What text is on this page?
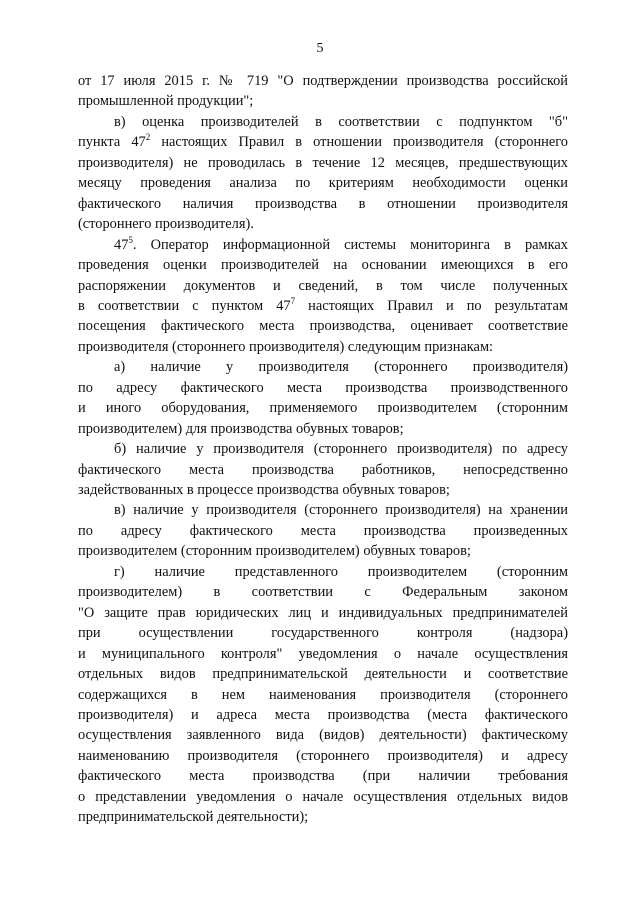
5
от 17 июля 2015 г. № 719 "О подтверждении производства российской
промышленной продукции";
в) оценка производителей в соответствии с подпунктом "б"
пункта $47^2$ настоящих Правил в отношении производителя (стороннего
производителя) не проводилась в течение 12 месяцев, предшествующих
месяцу проведения анализа по критериям необходимости оценки
фактического наличия производства в отношении производителя
(стороннего производителя).
$47^5$. Оператор информационной системы мониторинга в рамках
проведения оценки производителей на основании имеющихся в его
распоряжении документов и сведений, в том числе полученных
в соответствии с пунктом $47^7$ настоящих Правил и по результатам
посещения фактического места производства, оценивает соответствие
производителя (стороннего производителя) следующим признакам:
а) наличие у производителя (стороннего производителя)
по адресу фактического места производства производственного
и иного оборудования, применяемого производителем (сторонним
производителем) для производства обувных товаров;
б) наличие у производителя (стороннего производителя) по адресу
фактического места производства работников, непосредственно
задействованных в процессе производства обувных товаров;
в) наличие у производителя (стороннего производителя) на хранении
по адресу фактического места производства произведенных
производителем (сторонним производителем) обувных товаров;
г) наличие представленного производителем (сторонним
производителем) в соответствии с Федеральным законом
"О защите прав юридических лиц и индивидуальных предпринимателей
при осуществлении государственного контроля (надзора)
и муниципального контроля" уведомления о начале осуществления
отдельных видов предпринимательской деятельности и соответствие
содержащихся в нем наименования производителя (стороннего
производителя) и адреса места производства (места фактического
осуществления заявленного вида (видов) деятельности) фактическому
наименованию производителя (стороннего производителя) и адресу
фактического места производства (при наличии требования
о представлении уведомления о начале осуществления отдельных видов
предпринимательской деятельности);
